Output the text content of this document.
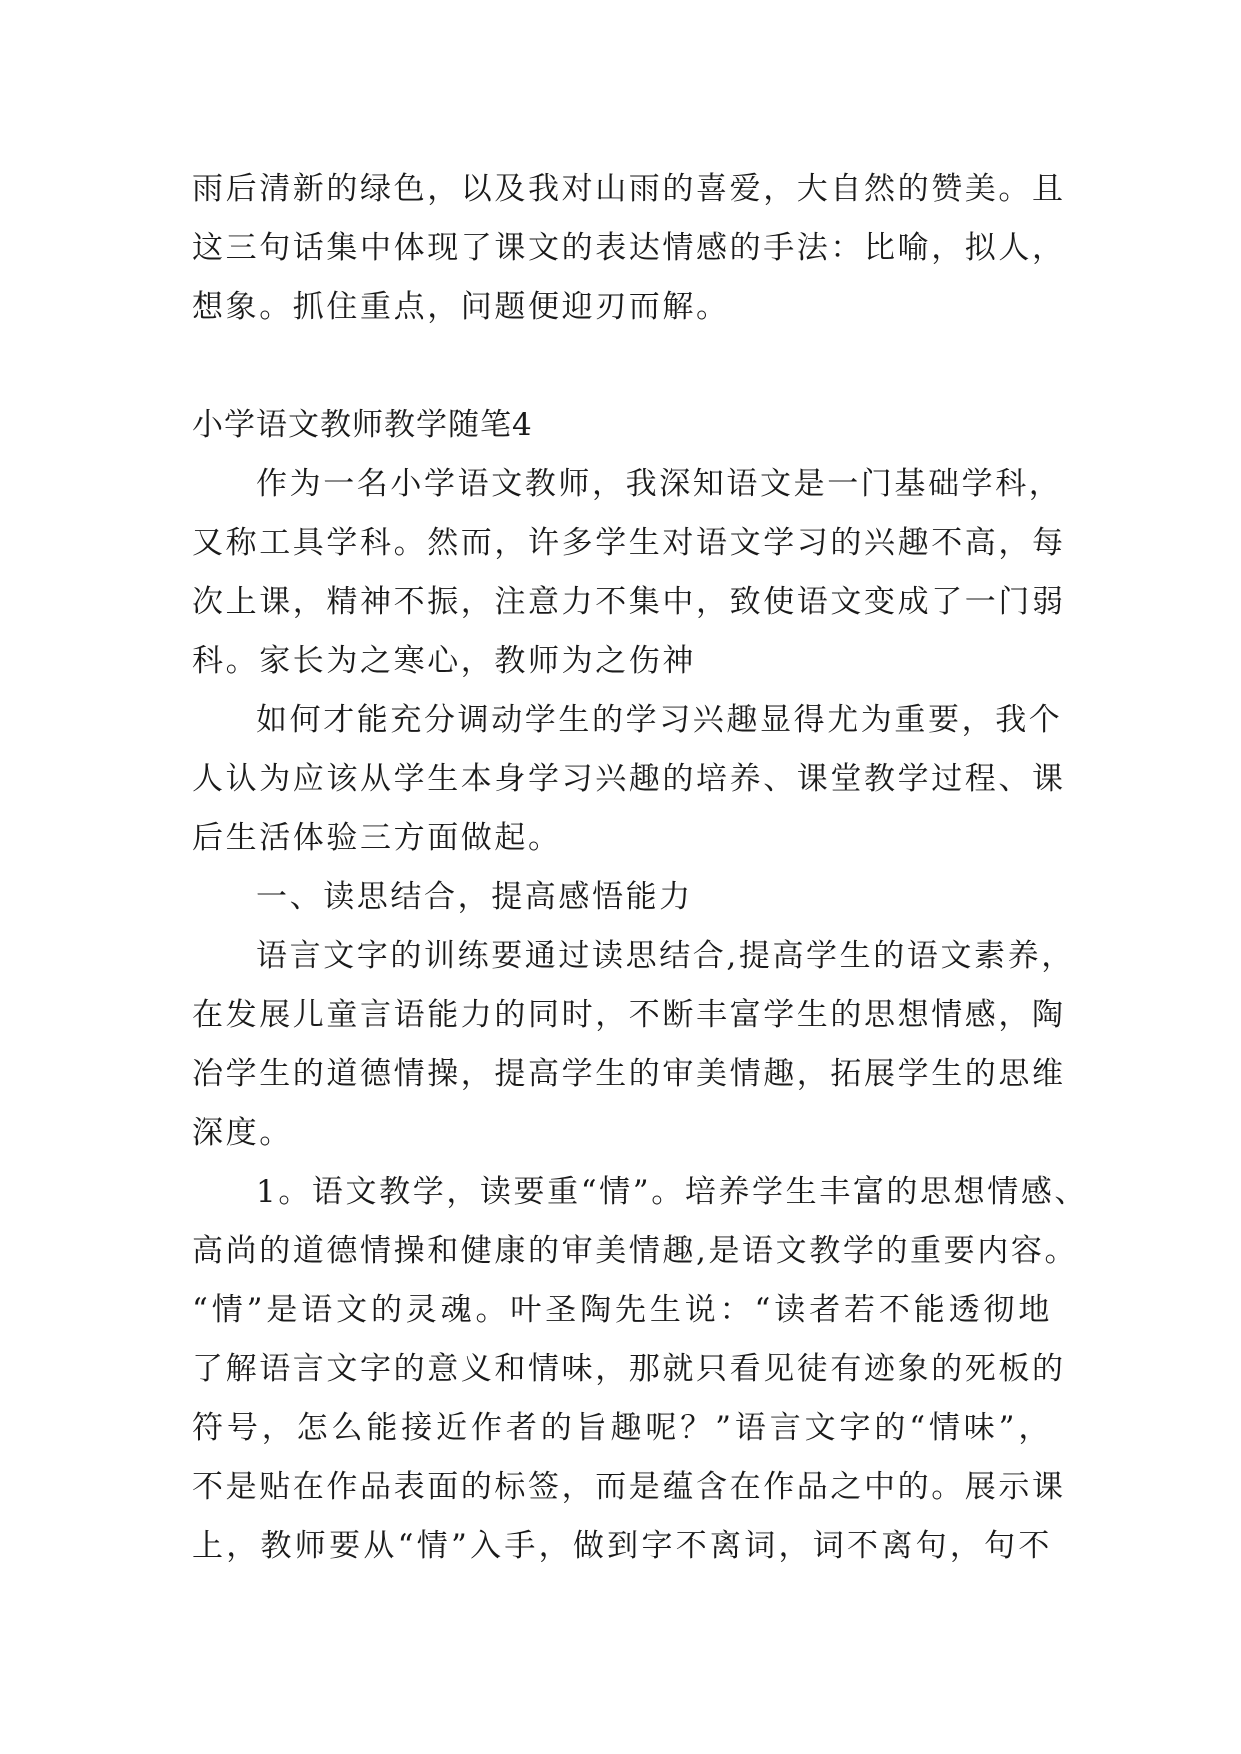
雨后清新的绿色，以及我对山雨的喜爱，大自然的赞美。且
这三句话集中体现了课文的表达情感的手法：比喻，拟人，
想象。抓住重点，问题便迎刃而解。
小学语文教师教学随笔4
作为一名小学语文教师，我深知语文是一门基础学科，
又称工具学科。然而，许多学生对语文学习的兴趣不高，每
次上课，精神不振，注意力不集中，致使语文变成了一门弱
科。家长为之寒心，教师为之伤神
如何才能充分调动学生的学习兴趣显得尤为重要，我个
人认为应该从学生本身学习兴趣的培养、课堂教学过程、课
后生活体验三方面做起。
一、读思结合，提高感悟能力
语言文字的训练要通过读思结合,提高学生的语文素养，
在发展儿童言语能力的同时，不断丰富学生的思想情感，陶
冶学生的道德情操，提高学生的审美情趣，拓展学生的思维
深度。
1。语文教学，读要重“情”。培养学生丰富的思想情感、
高尚的道德情操和健康的审美情趣,是语文教学的重要内容。
“情”是语文的灵魂。叶圣陶先生说：“读者若不能透彻地
了解语言文字的意义和情味，那就只看见徒有迹象的死板的
符号，怎么能接近作者的旨趣呢？”语言文字的“情味”，
不是贴在作品表面的标签，而是蕴含在作品之中的。展示课
上，教师要从“情”入手，做到字不离词，词不离句，句不
